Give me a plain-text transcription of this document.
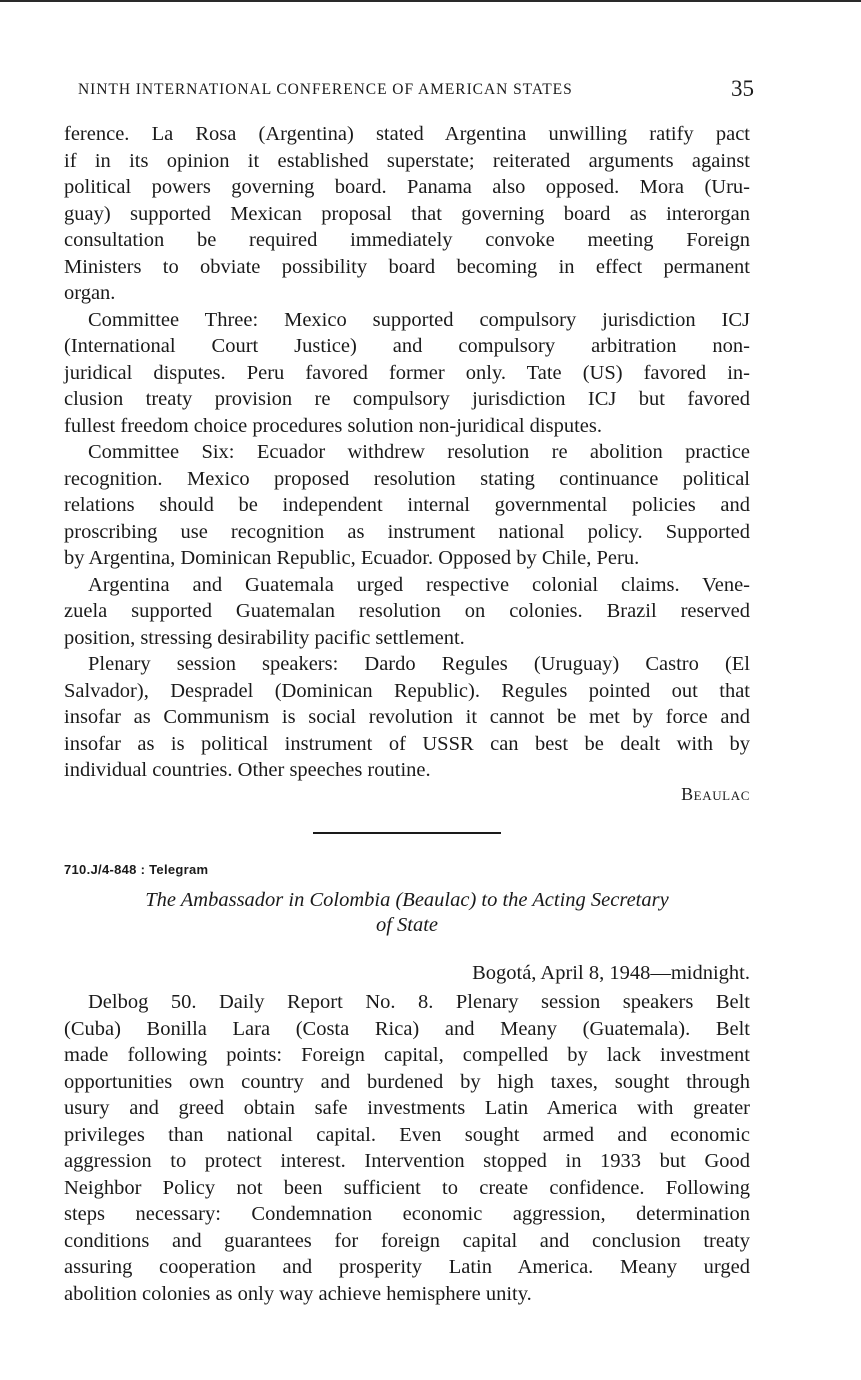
NINTH INTERNATIONAL CONFERENCE OF AMERICAN STATES	35
ference. La Rosa (Argentina) stated Argentina unwilling ratify pact
if in its opinion it established superstate; reiterated arguments against
political powers governing board. Panama also opposed. Mora (Uru-
guay) supported Mexican proposal that governing board as interorgan
consultation be required immediately convoke meeting Foreign
Ministers to obviate possibility board becoming in effect permanent
organ.
Committee Three: Mexico supported compulsory jurisdiction ICJ
(International Court Justice) and compulsory arbitration non-
juridical disputes. Peru favored former only. Tate (US) favored in-
clusion treaty provision re compulsory jurisdiction ICJ but favored
fullest freedom choice procedures solution non-juridical disputes.
Committee Six: Ecuador withdrew resolution re abolition practice
recognition. Mexico proposed resolution stating continuance political
relations should be independent internal governmental policies and
proscribing use recognition as instrument national policy. Supported
by Argentina, Dominican Republic, Ecuador. Opposed by Chile, Peru.
Argentina and Guatemala urged respective colonial claims. Vene-
zuela supported Guatemalan resolution on colonies. Brazil reserved
position, stressing desirability pacific settlement.
Plenary session speakers: Dardo Regules (Uruguay) Castro (El
Salvador), Despradel (Dominican Republic). Regules pointed out that
insofar as Communism is social revolution it cannot be met by force and
insofar as is political instrument of USSR can best be dealt with by
individual countries. Other speeches routine.
Beaulac
710.J/4-848 : Telegram
The Ambassador in Colombia (Beaulac) to the Acting Secretary
of State
Bogotá, April 8, 1948—midnight.
Delbog 50. Daily Report No. 8. Plenary session speakers Belt
(Cuba) Bonilla Lara (Costa Rica) and Meany (Guatemala). Belt
made following points: Foreign capital, compelled by lack investment
opportunities own country and burdened by high taxes, sought through
usury and greed obtain safe investments Latin America with greater
privileges than national capital. Even sought armed and economic
aggression to protect interest. Intervention stopped in 1933 but Good
Neighbor Policy not been sufficient to create confidence. Following
steps necessary: Condemnation economic aggression, determination
conditions and guarantees for foreign capital and conclusion treaty
assuring cooperation and prosperity Latin America. Meany urged
abolition colonies as only way achieve hemisphere unity.
